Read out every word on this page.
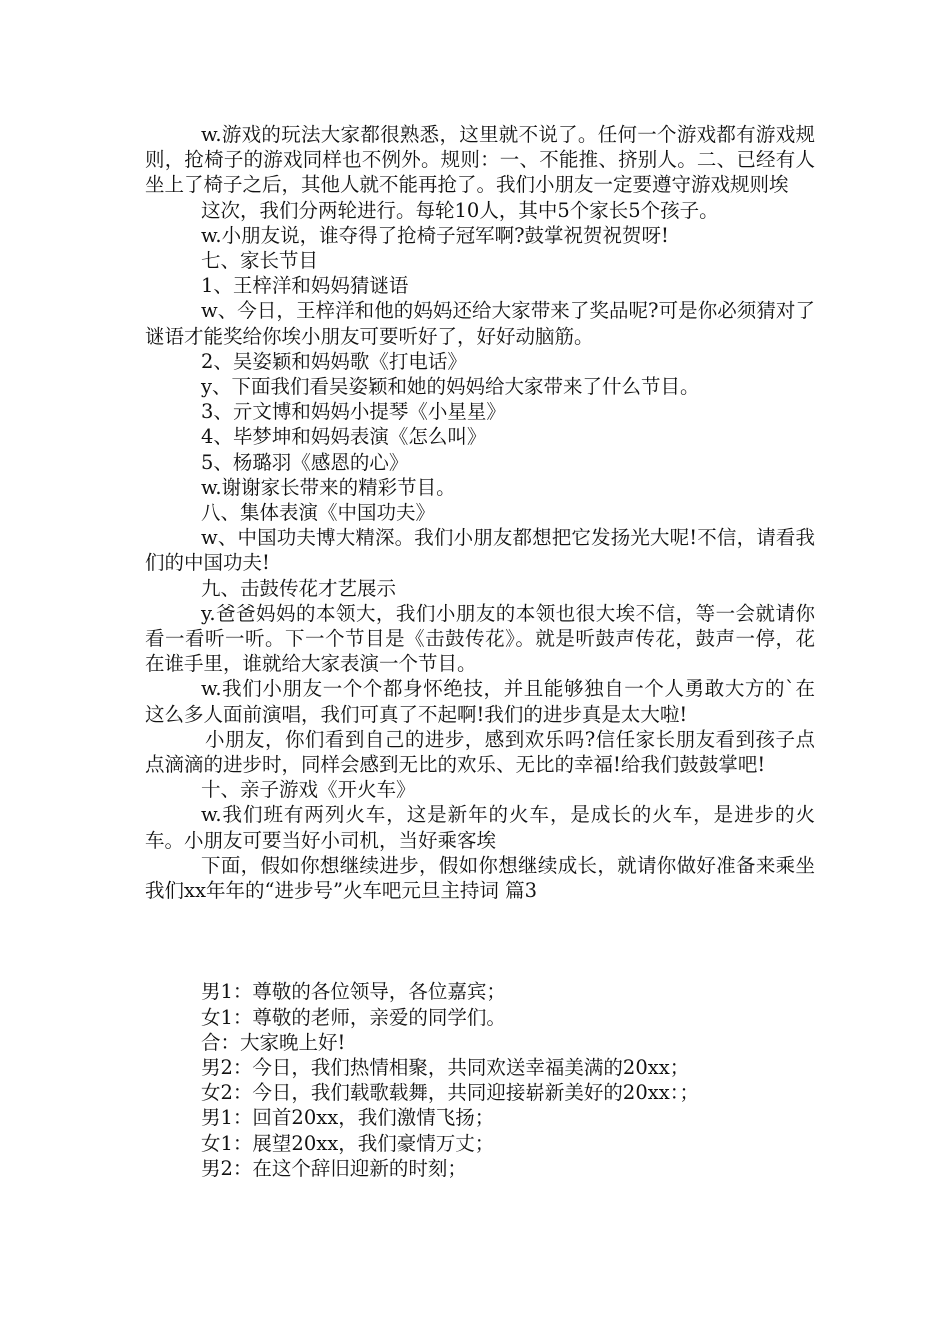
w.游戏的玩法大家都很熟悉，这里就不说了。任何一个游戏都有游戏规则，抢椅子的游戏同样也不例外。规则：一、不能推、挤别人。二、已经有人坐上了椅子之后，其他人就不能再抢了。我们小朋友一定要遵守游戏规则埃

这次，我们分两轮进行。每轮10人，其中5个家长5个孩子。

w.小朋友说，谁夺得了抢椅子冠军啊?鼓掌祝贺祝贺呀!

七、家长节目

1、王梓洋和妈妈猜谜语

w、今日，王梓洋和他的妈妈还给大家带来了奖品呢?可是你必须猜对了谜语才能奖给你埃小朋友可要听好了，好好动脑筋。

2、吴姿颖和妈妈歌《打电话》

y、下面我们看吴姿颖和她的妈妈给大家带来了什么节目。

3、亓文博和妈妈小提琴《小星星》

4、毕梦坤和妈妈表演《怎么叫》

5、杨璐羽《感恩的心》

w.谢谢家长带来的精彩节目。

八、集体表演《中国功夫》

w、中国功夫博大精深。我们小朋友都想把它发扬光大呢!不信，请看我们的中国功夫!

九、击鼓传花才艺展示

y.爸爸妈妈的本领大，我们小朋友的本领也很大埃不信，等一会就请你看一看听一听。下一个节目是《击鼓传花》。就是听鼓声传花，鼓声一停，花在谁手里，谁就给大家表演一个节目。

w.我们小朋友一个个都身怀绝技，并且能够独自一个人勇敢大方的`在这么多人面前演唱，我们可真了不起啊!我们的进步真是太大啦!

小朋友，你们看到自己的进步，感到欢乐吗?信任家长朋友看到孩子点点滴滴的进步时，同样会感到无比的欢乐、无比的幸福!给我们鼓鼓掌吧!

十、亲子游戏《开火车》

w.我们班有两列火车，这是新年的火车，是成长的火车，是进步的火车。小朋友可要当好小司机，当好乘客埃

下面，假如你想继续进步，假如你想继续成长，就请你做好准备来乘坐我们xx年年的“进步号”火车吧元旦主持词 篇3

男1：尊敬的各位领导，各位嘉宾；

女1：尊敬的老师，亲爱的同学们。

合：大家晚上好!

男2：今日，我们热情相聚，共同欢送幸福美满的20xx；

女2：今日，我们载歌载舞，共同迎接崭新美好的20xx：；

男1：回首20xx，我们激情飞扬；

女1：展望20xx，我们豪情万丈；

男2：在这个辞旧迎新的时刻；
